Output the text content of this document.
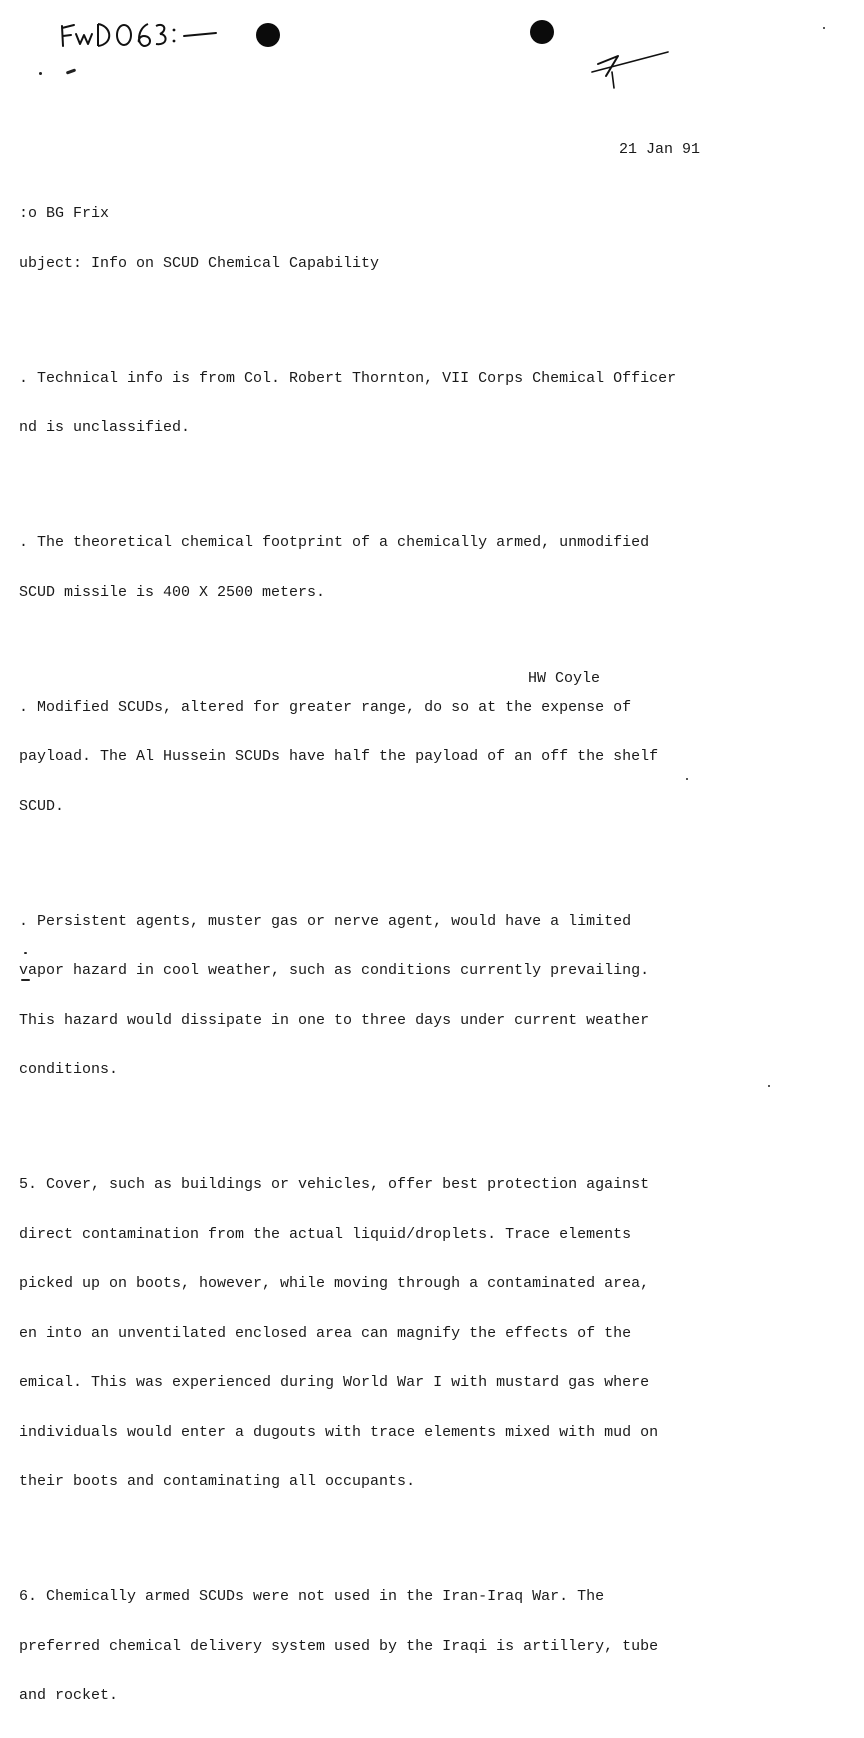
21 Jan 91

:o BG Frix

ubject: Info on SCUD Chemical Capability

. Technical info is from Col. Robert Thornton, VII Corps Chemical Officer

nd is unclassified.

. The theoretical chemical footprint of a chemically armed, unmodified

SCUD missile is 400 X 2500 meters.

. Modified SCUDs, altered for greater range, do so at the expense of

payload. The Al Hussein SCUDs have half the payload of an off the shelf

SCUD.

. Persistent agents, muster gas or nerve agent, would have a limited

vapor hazard in cool weather, such as conditions currently prevailing.

This hazard would dissipate in one to three days under current weather

conditions.

5. Cover, such as buildings or vehicles, offer best protection against

direct contamination from the actual liquid/droplets. Trace elements

picked up on boots, however, while moving through a contaminated area,

en into an unventilated enclosed area can magnify the effects of the

emical. This was experienced during World War I with mustard gas where

individuals would enter a dugouts with trace elements mixed with mud on

their boots and contaminating all occupants.

6. Chemically armed SCUDs were not used in the Iran-Iraq War. The

preferred chemical delivery system used by the Iraqi is artillery, tube

and rocket.

HW Coyle
